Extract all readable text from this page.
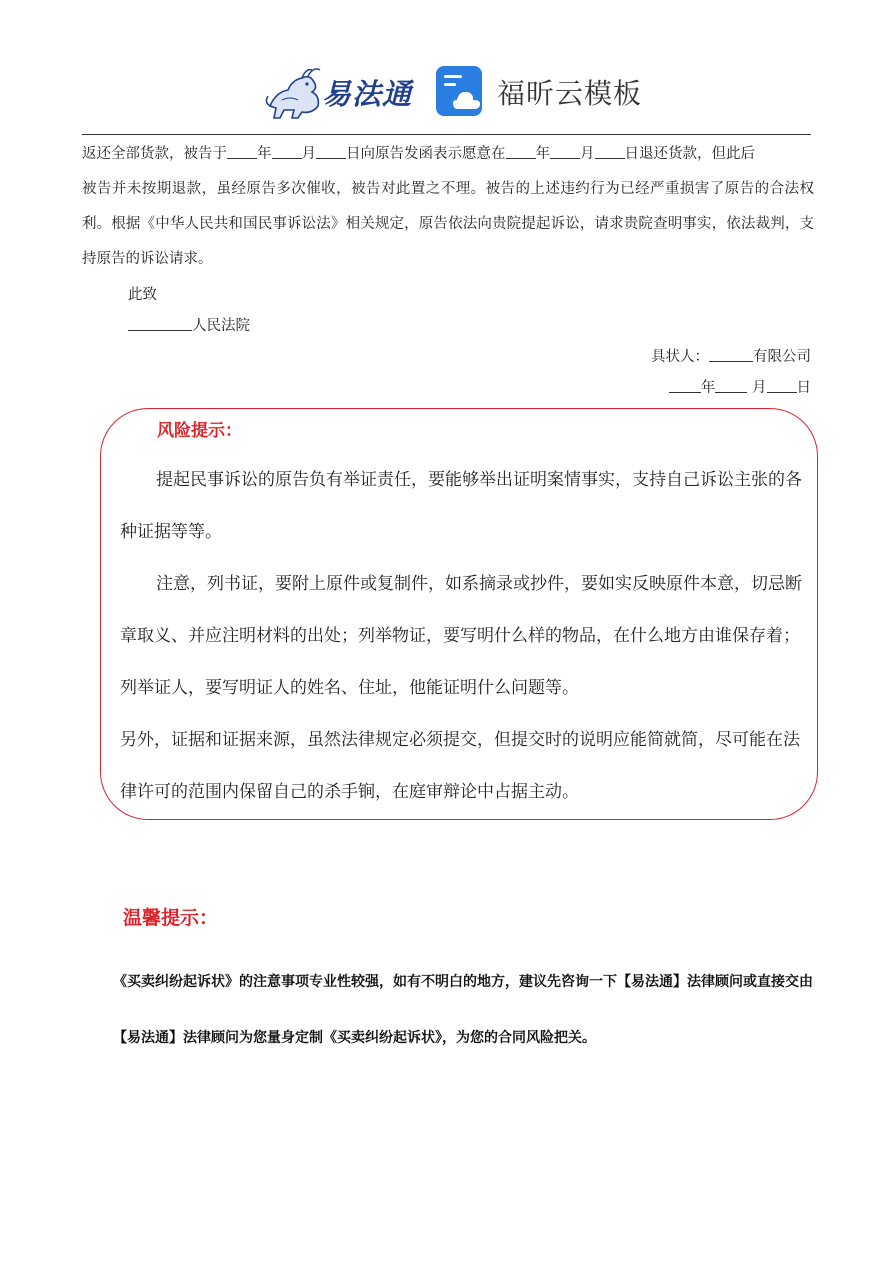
易法通	福昕云模板
返还全部货款，被告于 年 月 日向原告发函表示愿意在 年 月 日退还货款，但此后
被告并未按期退款，虽经原告多次催收，被告对此置之不理。被告的上述违约行为已经严重损害了原告的合法权利。根据《中华人民共和国民事诉讼法》相关规定，原告依法向贵院提起诉讼，请求贵院查明事实，依法裁判，支持原告的诉讼请求。
此致
人民法院
具状人：	有限公司
年	月 日
风险提示：
提起民事诉讼的原告负有举证责任，要能够举出证明案情事实，支持自己诉讼主张的各种证据等等。
注意，列书证，要附上原件或复制件，如系摘录或抄件，要如实反映原件本意，切忌断章取义、并应注明材料的出处；列举物证，要写明什么样的物品，在什么地方由谁保存着；列举证人，要写明证人的姓名、住址，他能证明什么问题等。
另外，证据和证据来源，虽然法律规定必须提交，但提交时的说明应能简就简，尽可能在法律许可的范围内保留自己的杀手锏，在庭审辩论中占据主动。
温馨提示：
《买卖纠纷起诉状》的注意事项专业性较强，如有不明白的地方，建议先咨询一下【易法通】法律顾问或直接交由【易法通】法律顾问为您量身定制《买卖纠纷起诉状》，为您的合同风险把关。
